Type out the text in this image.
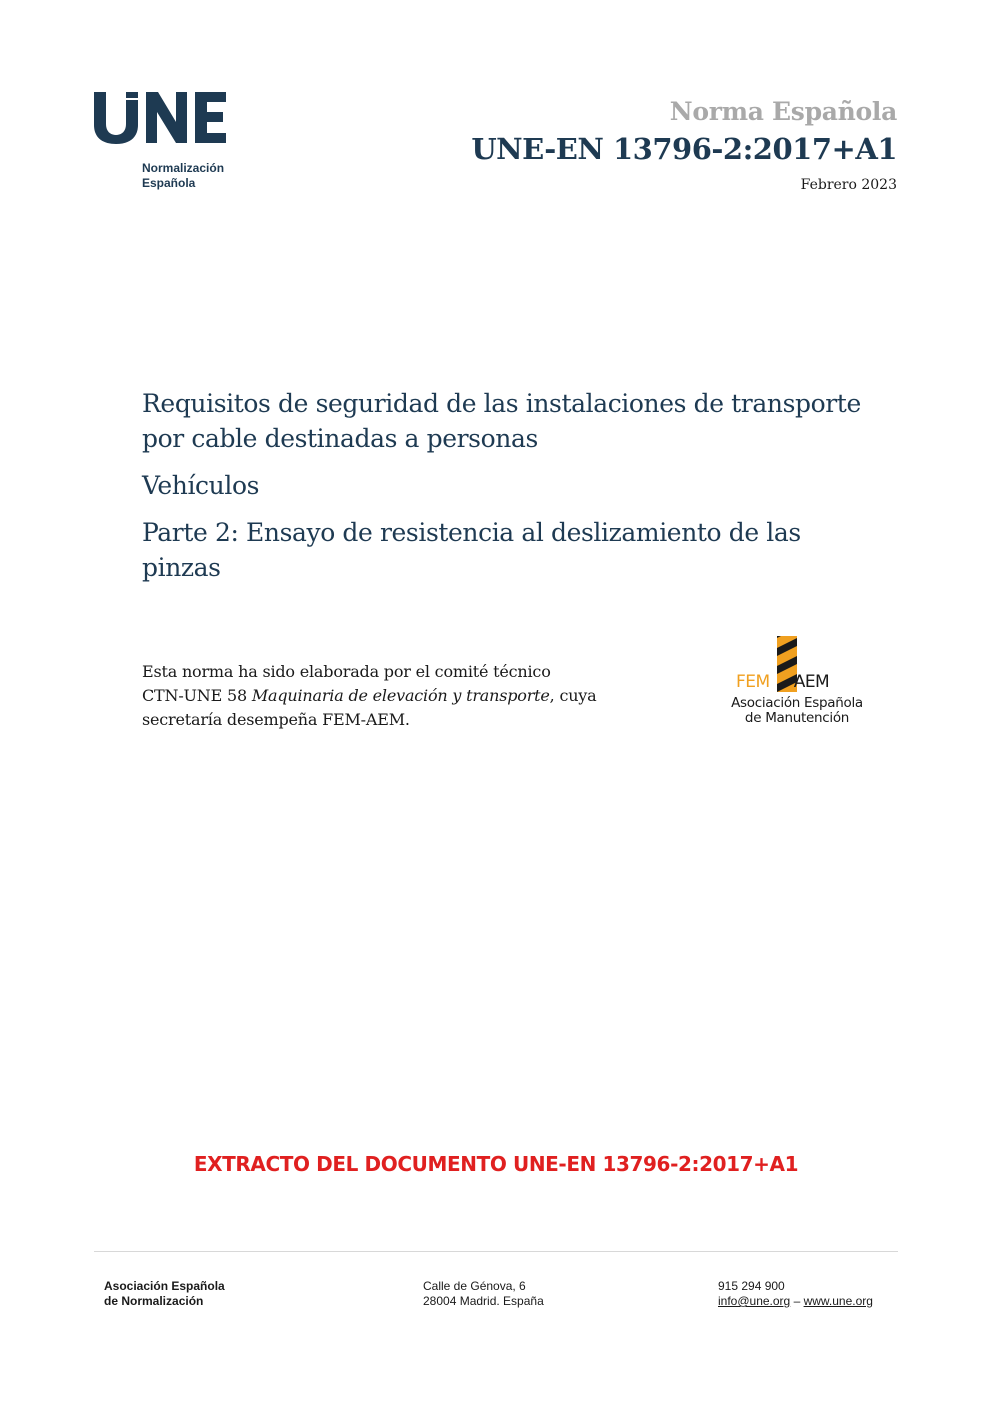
Normalización
Española
Norma Española
UNE-EN 13796-2:2017+A1
Febrero 2023

Requisitos de seguridad de las instalaciones de transporte
por cable destinadas a personas

Vehículos

Parte 2: Ensayo de resistencia al deslizamiento de las
pinzas

Esta norma ha sido elaborada por el comité técnico
CTN-UNE 58 Maquinaria de elevación y transporte, cuya
secretaría desempeña FEM-AEM.
FEM AEM
Asociación Española
de Manutención
EXTRACTO DEL DOCUMENTO UNE-EN 13796-2:2017+A1
Asociación Española
de Normalización
Calle de Génova, 6
28004 Madrid. España
915 294 900
info@une.org – www.une.org
